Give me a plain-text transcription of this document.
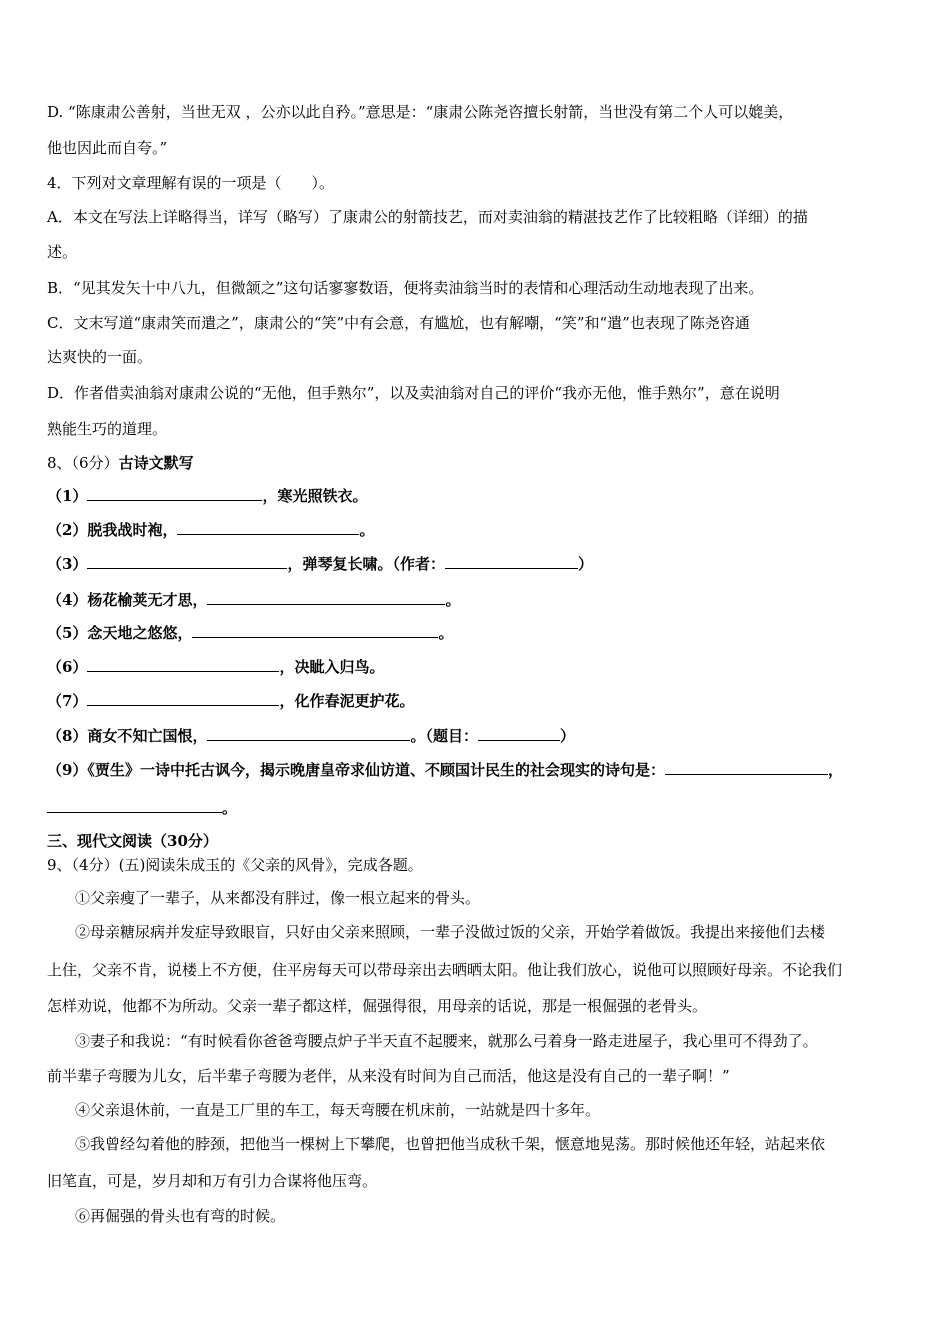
D. “陈康肃公善射，当世无双 ，公亦以此自矜。”意思是：“康肃公陈尧咨擅长射箭，当世没有第二个人可以媲美，
他也因此而自夸。”
4．下列对文章理解有误的一项是（　　）。
A．本文在写法上详略得当，详写（略写）了康肃公的射箭技艺，而对卖油翁的精湛技艺作了比较粗略（详细）的描
述。
B．“见其发矢十中八九，但微颔之”这句话寥寥数语，便将卖油翁当时的表情和心理活动生动地表现了出来。
C．文末写道“康肃笑而遣之”，康肃公的“笑”中有会意，有尴尬，也有解嘲，“笑”和“遣”也表现了陈尧咨通
达爽快的一面。
D．作者借卖油翁对康肃公说的“无他，但手熟尔”，以及卖油翁对自己的评价“我亦无他，惟手熟尔”，意在说明
熟能生巧的道理。
8、（6分）古诗文默写
（1）	，寒光照铁衣。
（2）脱我战时袍，	。
（3）	，弹琴复长啸。（作者：	）
（4）杨花榆荚无才思，	。
（5）念天地之悠悠，	。
（6）	，决眦入归鸟。
（7）	，化作春泥更护花。
（8）商女不知亡国恨，	。（题目：	）
（9）《贾生》一诗中托古讽今，揭示晚唐皇帝求仙访道、不顾国计民生的社会现实的诗句是：	，
。
三、现代文阅读（30分）
9、（4分）(五)阅读朱成玉的《父亲的风骨》，完成各题。
①父亲瘦了一辈子，从来都没有胖过，像一根立起来的骨头。
②母亲糖尿病并发症导致眼盲，只好由父亲来照顾，一辈子没做过饭的父亲，开始学着做饭。我提出来接他们去楼
上住，父亲不肯，说楼上不方便，住平房每天可以带母亲出去晒晒太阳。他让我们放心，说他可以照顾好母亲。不论我们
怎样劝说，他都不为所动。父亲一辈子都这样，倔强得很，用母亲的话说，那是一根倔强的老骨头。
③妻子和我说：“有时候看你爸爸弯腰点炉子半天直不起腰来，就那么弓着身一路走进屋子，我心里可不得劲了。
前半辈子弯腰为儿女，后半辈子弯腰为老伴，从来没有时间为自己而活，他这是没有自己的一辈子啊！”
④父亲退休前，一直是工厂里的车工，每天弯腰在机床前，一站就是四十多年。
⑤我曾经勾着他的脖颈，把他当一棵树上下攀爬，也曾把他当成秋千架，惬意地晃荡。那时候他还年轻，站起来依
旧笔直，可是，岁月却和万有引力合谋将他压弯。
⑥再倔强的骨头也有弯的时候。
